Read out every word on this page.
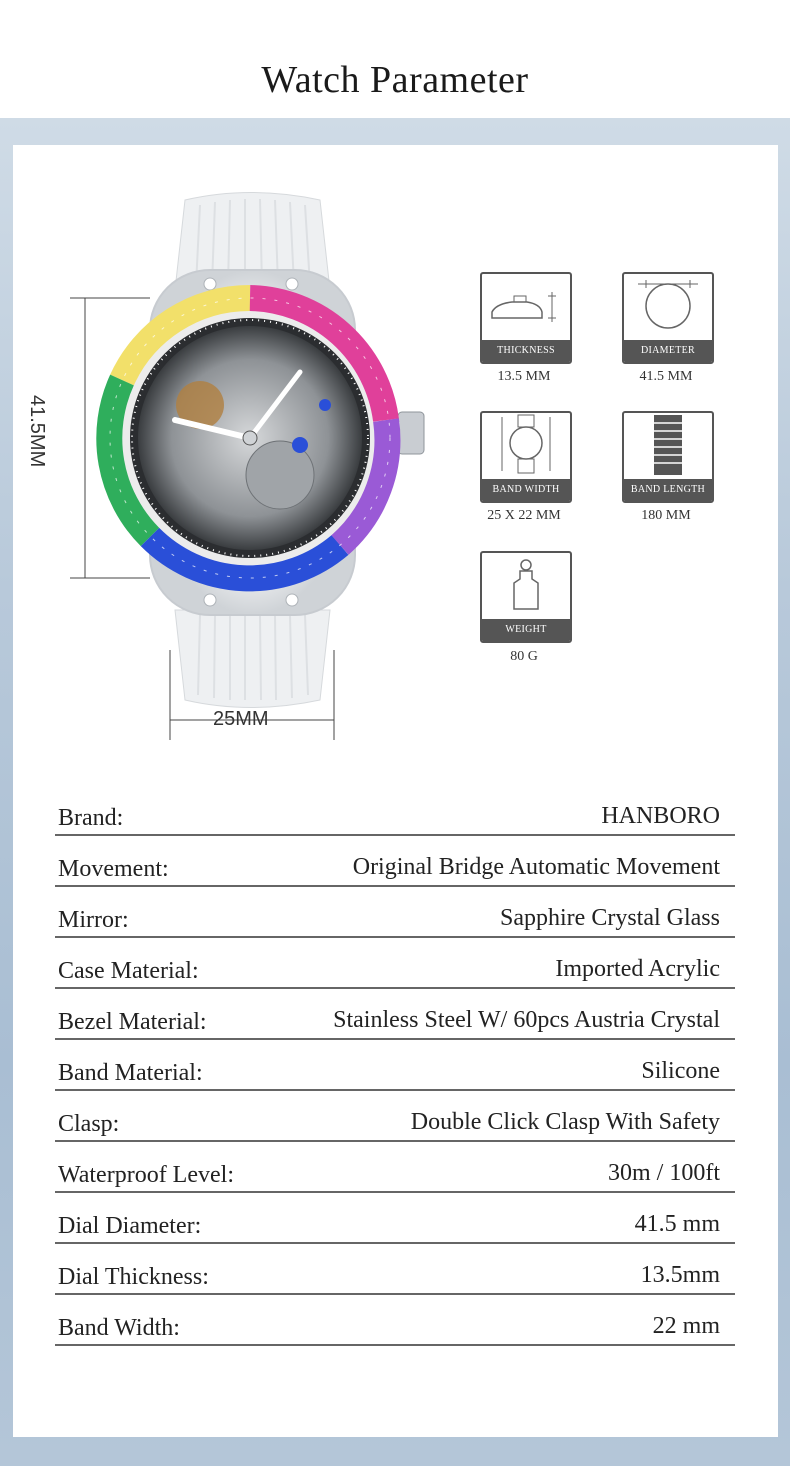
Watch Parameter
41.5MM
25MM
THICKNESS
13.5 MM
DIAMETER
41.5 MM
BAND WIDTH
25 X 22 MM
BAND LENGTH
180 MM
WEIGHT
80 G
Brand:	HANBORO
Movement:	Original Bridge Automatic Movement
Mirror:	Sapphire Crystal Glass
Case Material:	Imported Acrylic
Bezel Material:	Stainless Steel W/ 60pcs Austria Crystal
Band Material:	Silicone
Clasp:	Double Click Clasp With Safety
Waterproof Level:	30m / 100ft
Dial Diameter:	41.5 mm
Dial Thickness:	13.5mm
Band Width:	22 mm
